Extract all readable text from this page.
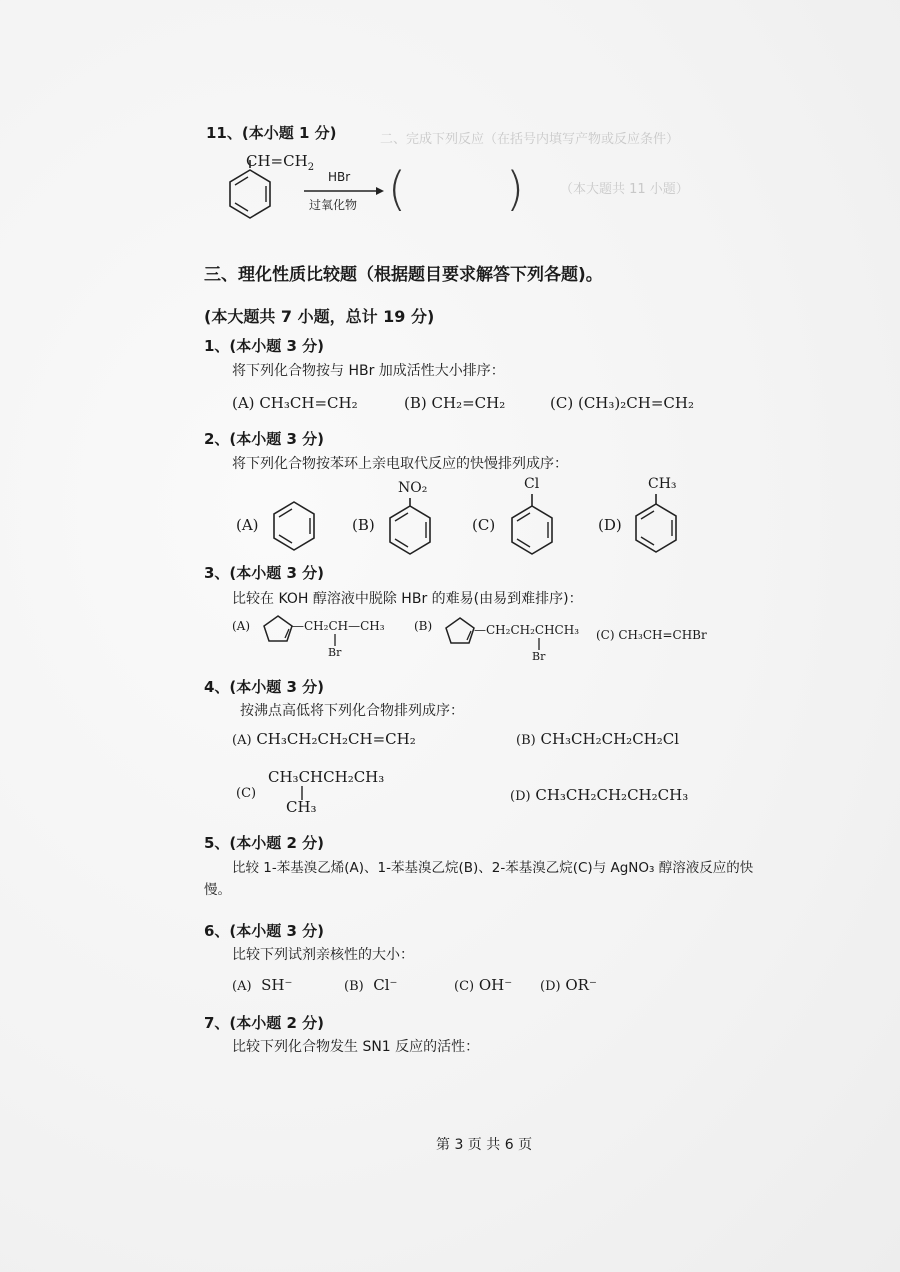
二、完成下列反应（在括号内填写产物或反应条件）
（本大题共 11 小题）
11、(本小题 1 分)
$CH=CH_2$
HBr
过氧化物 ( )
三、理化性质比较题（根据题目要求解答下列各题)。
(本大题共 7 小题，总计 19 分)
1、(本小题 3 分)
将下列化合物按与 HBr 加成活性大小排序：
(A) CH₃CH=CH₂	(B) CH₂=CH₂	(C) (CH₃)₂CH=CH₂
2、(本小题 3 分)
将下列化合物按苯环上亲电取代反应的快慢排列成序：
(A)	(B)
NO₂
(C)
Cl
(D)
CH₃
3、(本小题 3 分)
比较在 KOH 醇溶液中脱除 HBr 的难易(由易到难排序)：
(A)	—CH₂CH—CH₃
Br
(B)	—CH₂CH₂CHCH₃
Br
(C) CH₃CH=CHBr
4、(本小题 3 分)
按沸点高低将下列化合物排列成序：
(A) CH₃CH₂CH₂CH=CH₂	(B) CH₃CH₂CH₂CH₂Cl
(C)
CH₃CHCH₂CH₃
CH₃
(D) CH₃CH₂CH₂CH₂CH₃
5、(本小题 2 分)
比较 1-苯基溴乙烯(A)、1-苯基溴乙烷(B)、2-苯基溴乙烷(C)与 AgNO₃ 醇溶液反应的快
慢。
6、(本小题 3 分)
比较下列试剂亲核性的大小：
(A) SH⁻	(B) Cl⁻	(C) OH⁻ (D) OR⁻
7、(本小题 2 分)
比较下列化合物发生 SN1 反应的活性：
第 3 页 共 6 页
